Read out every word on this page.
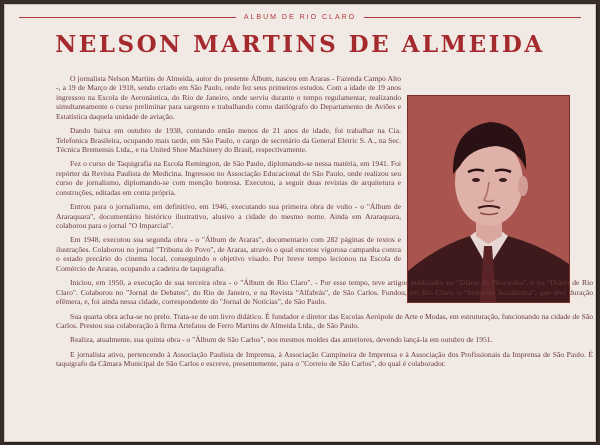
ALBUM DE RIO CLARO
NELSON MARTINS DE ALMEIDA

O jornalista Nelson Martins de Almeida, autor do presente Álbum, nasceu em Araras - Fazenda Campo Alto -, a 19 de Março de 1918, sendo criado em São Paulo, onde fez seus primeiros estudos. Com a idade de 19 anos ingressou na Escola de Aeronáutica, do Rio de Janeiro, onde serviu durante o tempo regulamentar, realizando simultaneamente o curso preliminar para sargento e trabalhando como datilógrafo do Departamento de Aviões e Estatística daquela unidade de aviação.

Dando baixa em outubro de 1938, contando então menos de 21 anos de idade, foi trabalhar na Cia. Telefonica Brasileira, ocupando mais tarde, em São Paulo, o cargo de secretário da General Eletric S. A., na Sec. Técnica Bremensis Ltda., e na United Shoe Machinery do Brasil, respectivamente.

Fez o curso de Taquigrafia na Escola Remington, de São Paulo, diplomando-se nessa matéria, em 1941. Foi repórter da Revista Paulista de Medicina. Ingressou no Associação Educacional de São Paulo, onde realizou seu curso de jornalismo, diplomando-se com menção honrosa. Executou, a seguir duas revistas de arquitetura e construções, editadas em conta própria.

Entrou para o jornalismo, em definitivo, em 1946, executando sua primeira obra de vulto - o "Álbum de Araraquara", documentário histórico ilustrativo, alusivo a cidade do mesmo nome. Ainda em Araraquara, colaborou para o jornal "O Imparcial".

Em 1948, executou sua segunda obra - o "Álbum de Araras", documentario com 282 páginas de textos e ilustrações. Colaborou no jornal "Tribuna do Povo", de Araras, através o qual encetou vigorosa campanha contra o estado precário do cinema local, conseguindo o objetivo visado. Por breve tempo lecionou na Escola de Comércio de Araras, ocupando a cadeira de taquigrafia.

Iniciou, em 1950, a execução de sua terceira obra - o "Álbum de Rio Claro". - Por esse tempo, teve artigos publicados no "Diário de Piracicaba", e no "Diário de Rio Claro". Colaborou no "Jornal de Debates", do Rio de Janeiro, e na Revista "Alfabrás", de São Carlos. Fundou, em Rio Claro, o "Imprensa Acadêmica", que teve duração efêmera, e, foi ainda nessa cidade, correspondente do "Jornal de Notícias", de São Paulo.

Sua quarta obra acha-se no prelo. Trata-se de um livro didático. É fundador e diretor das Escolas Aerópole de Arte e Modas, em estruturação, funcionando na cidade de São Carlos. Prestou sua colaboração à firma Artefatos de Ferro Martins de Almeida Ltda., de São Paulo.

Realiza, atualmente, sua quinta obra - o "Álbum de São Carlos", nos mesmos moldes das anteriores, devendo lançá-la em outubro de 1951.

E jornalista ativo, pertencendo à Associação Paulista de Imprensa, à Associação Campineira de Imprensa e à Associação dos Profissionais da Imprensa de São Paulo. É taquigrafo da Câmara Municipal de São Carlos e escreve, presentemente, para o "Correio de São Carlos", do qual é colaborador.
